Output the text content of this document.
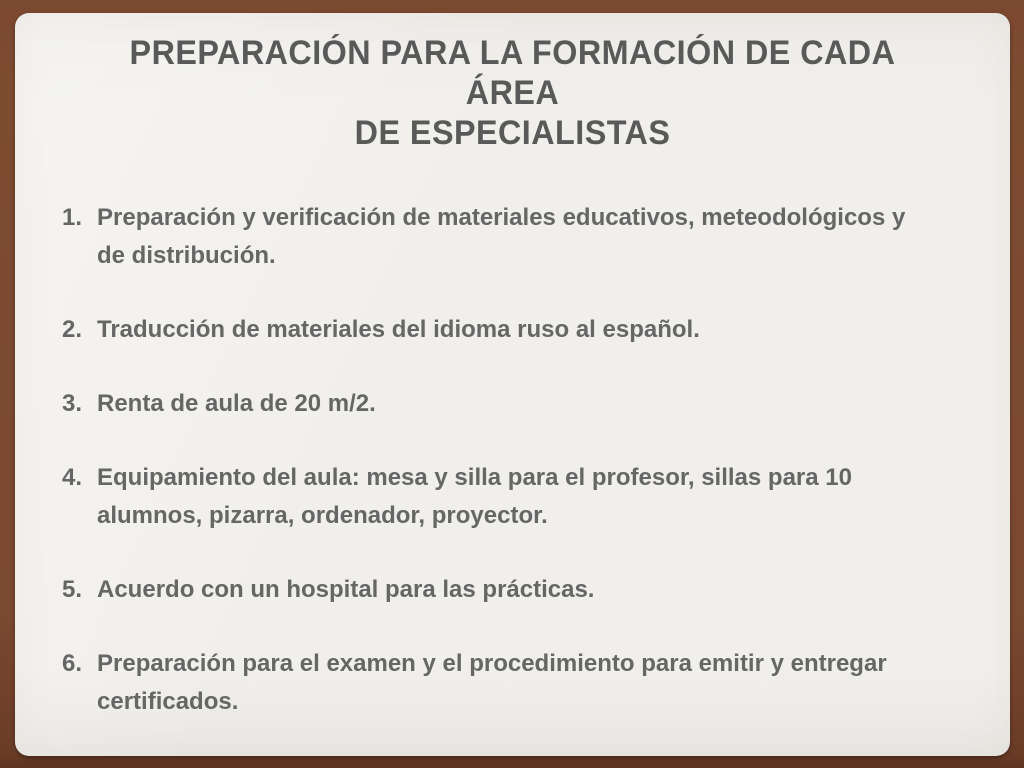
PREPARACIÓN PARA LA FORMACIÓN DE CADA ÁREA
DE ESPECIALISTAS
1. Preparación y verificación de materiales educativos, meteodológicos y de distribución.
2. Traducción de materiales del idioma ruso al español.
3. Renta de aula de 20 m/2.
4. Equipamiento del aula: mesa y silla para el profesor, sillas para 10 alumnos, pizarra, ordenador, proyector.
5. Acuerdo con un hospital para las prácticas.
6. Preparación para el examen y el procedimiento para emitir y entregar certificados.
